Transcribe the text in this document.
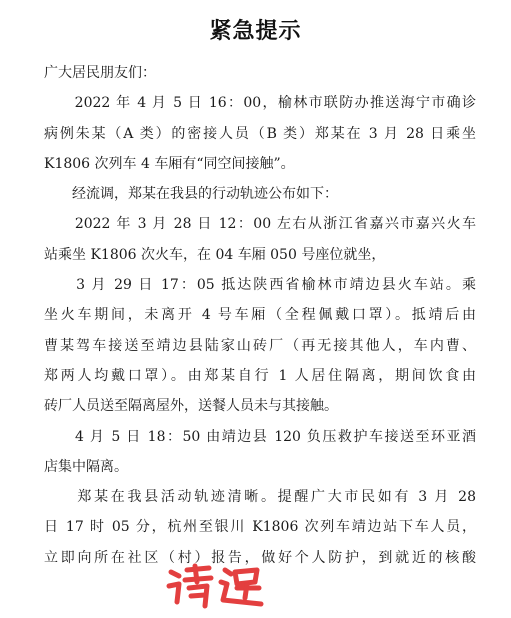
紧急提示
广大居民朋友们：
　　2022 年 4 月 5 日 16：00，榆林市联防办推送海宁市确诊
病例朱某（A 类）的密接人员（B 类）郑某在 3 月 28 日乘坐
K1806 次列车 4 车厢有“同空间接触”。
　　经流调，郑某在我县的行动轨迹公布如下：
　　2022 年 3 月 28 日 12：00 左右从浙江省嘉兴市嘉兴火车
站乘坐 K1806 次火车，在 04 车厢 050 号座位就坐，
　　3 月 29 日 17：05 抵达陕西省榆林市靖边县火车站。乘
坐火车期间，未离开 4 号车厢（全程佩戴口罩）。抵靖后由
曹某驾车接送至靖边县陆家山砖厂（再无接其他人，车内曹、
郑两人均戴口罩）。由郑某自行 1 人居住隔离，期间饮食由
砖厂人员送至隔离屋外，送餐人员未与其接触。
　　4 月 5 日 18：50 由靖边县 120 负压救护车接送至环亚酒
店集中隔离。
　　郑某在我县活动轨迹清晰。提醒广大市民如有 3 月 28
日 17 时 05 分，杭州至银川 K1806 次列车靖边站下车人员，
立即向所在社区（村）报告，做好个人防护，到就近的核酸
